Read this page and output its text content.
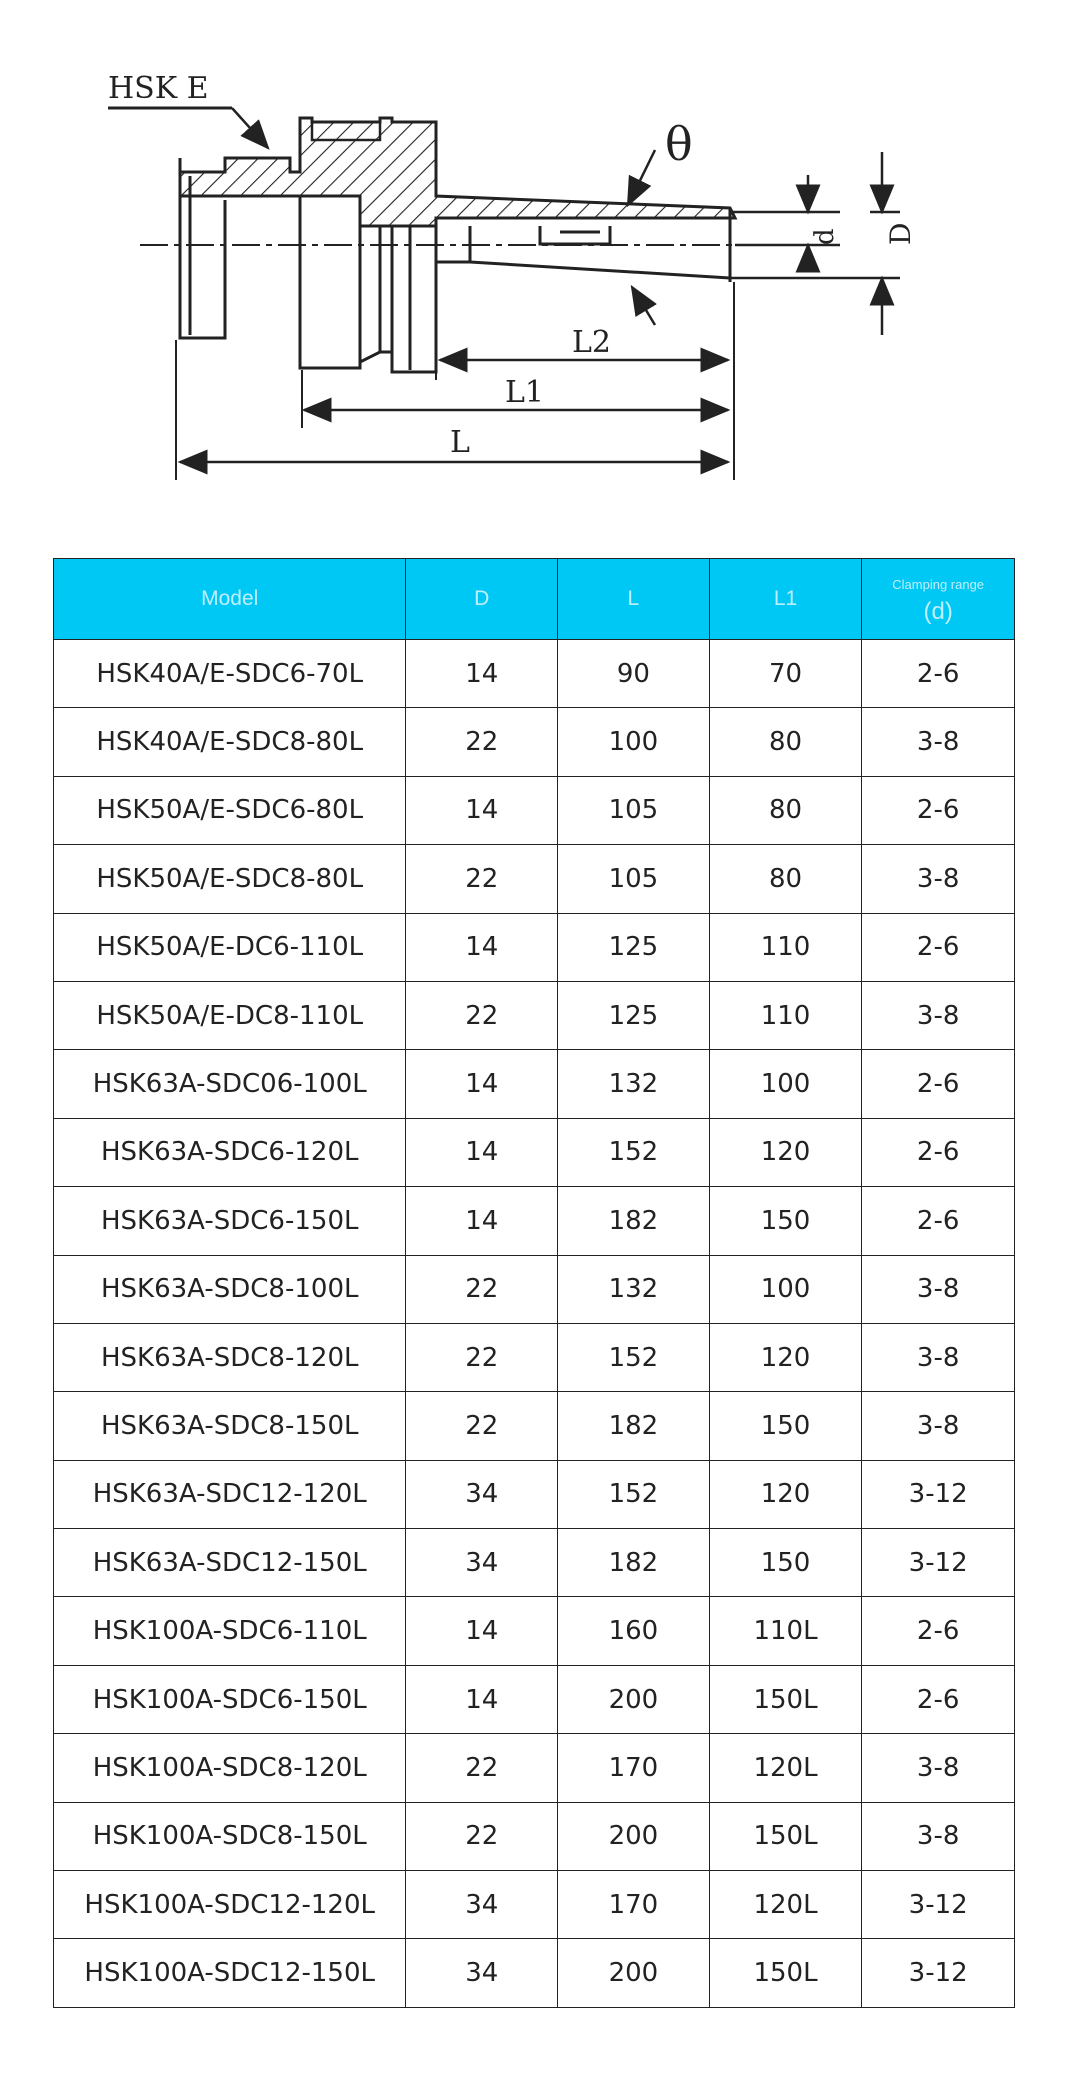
HSK E
θ
d D
L2
L1
L
Model	D	L	L1	Clamping range
(d)

HSK40A/E-SDC6-70L	14	90	70	2-6
HSK40A/E-SDC8-80L	22	100	80	3-8
HSK50A/E-SDC6-80L	14	105	80	2-6
HSK50A/E-SDC8-80L	22	105	80	3-8
HSK50A/E-DC6-110L	14	125	110	2-6
HSK50A/E-DC8-110L	22	125	110	3-8
HSK63A-SDC06-100L	14	132	100	2-6
HSK63A-SDC6-120L	14	152	120	2-6
HSK63A-SDC6-150L	14	182	150	2-6
HSK63A-SDC8-100L	22	132	100	3-8
HSK63A-SDC8-120L	22	152	120	3-8
HSK63A-SDC8-150L	22	182	150	3-8
HSK63A-SDC12-120L	34	152	120	3-12
HSK63A-SDC12-150L	34	182	150	3-12
HSK100A-SDC6-110L	14	160	110L	2-6
HSK100A-SDC6-150L	14	200	150L	2-6
HSK100A-SDC8-120L	22	170	120L	3-8
HSK100A-SDC8-150L	22	200	150L	3-8
HSK100A-SDC12-120L	34	170	120L	3-12
HSK100A-SDC12-150L	34	200	150L	3-12
